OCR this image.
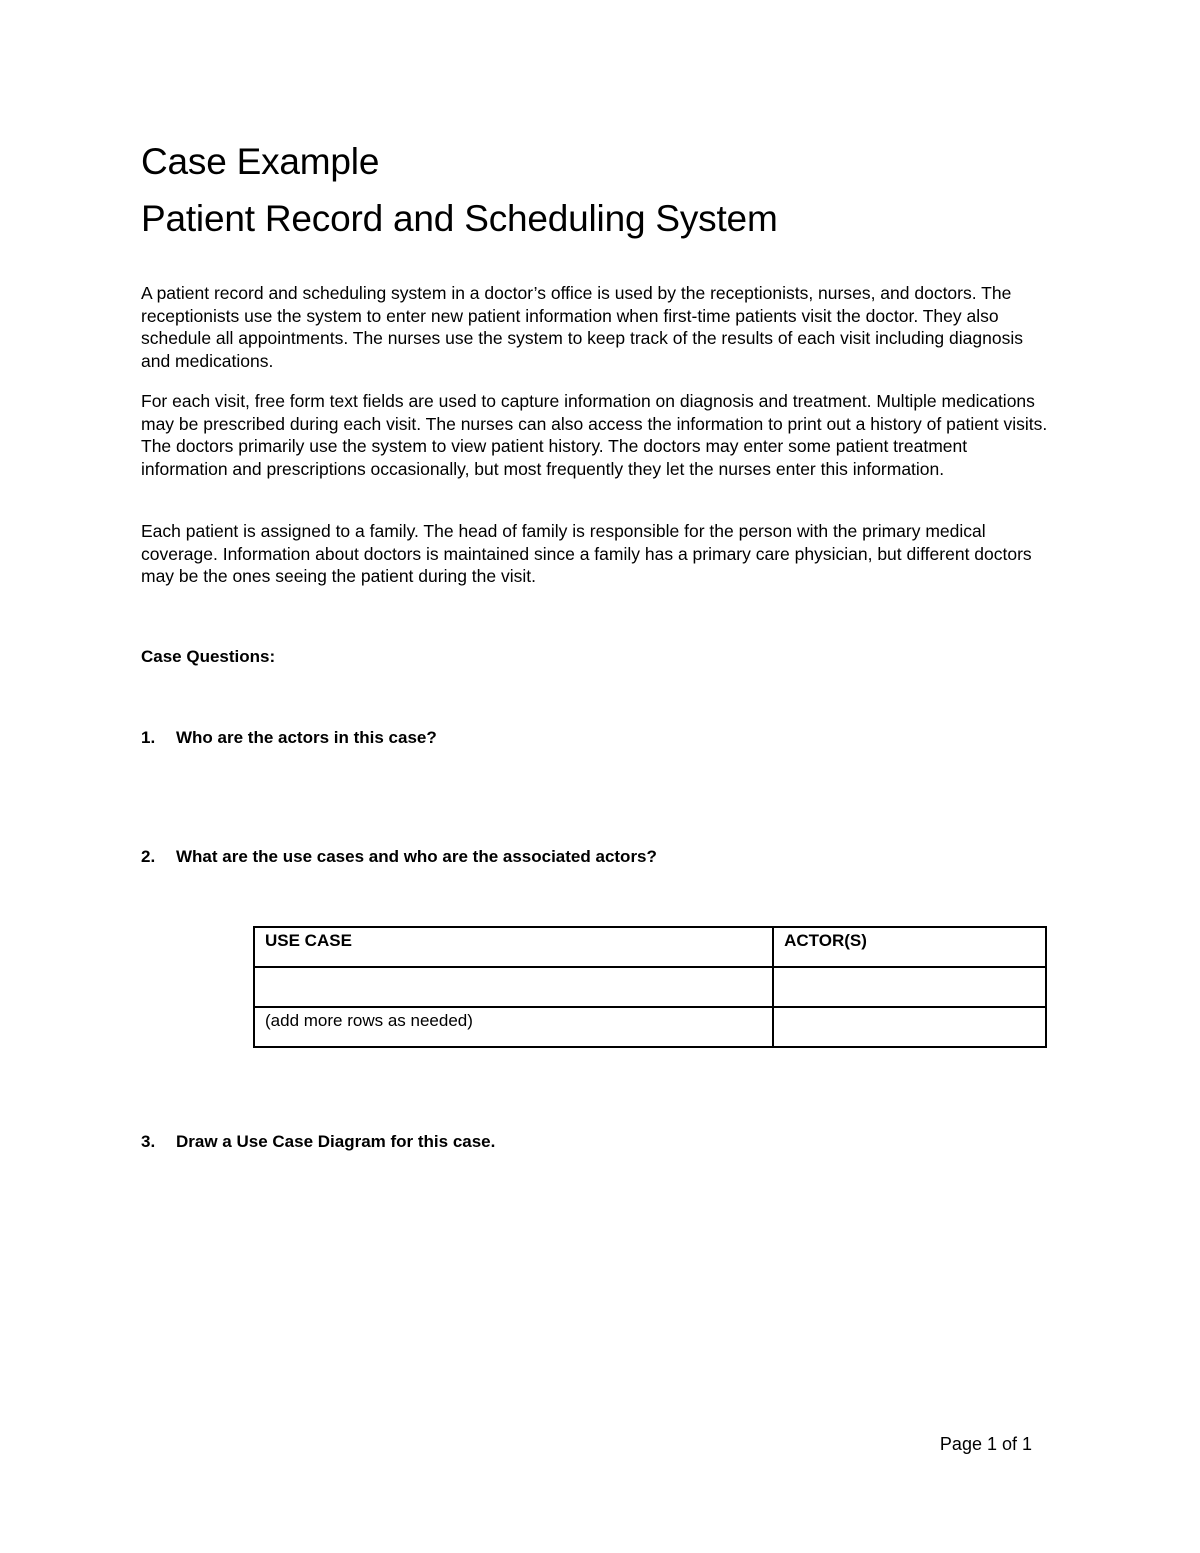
Case Example
Patient Record and Scheduling System

A patient record and scheduling system in a doctor’s office is used by the receptionists, nurses, and doctors. The receptionists use the system to enter new patient information when first-time patients visit the doctor. They also schedule all appointments. The nurses use the system to keep track of the results of each visit including diagnosis and medications.

For each visit, free form text fields are used to capture information on diagnosis and treatment. Multiple medications may be prescribed during each visit. The nurses can also access the information to print out a history of patient visits. The doctors primarily use the system to view patient history. The doctors may enter some patient treatment information and prescriptions occasionally, but most frequently they let the nurses enter this information.

Each patient is assigned to a family. The head of family is responsible for the person with the primary medical coverage. Information about doctors is maintained since a family has a primary care physician, but different doctors may be the ones seeing the patient during the visit.

Case Questions:

1. Who are the actors in this case?

2. What are the use cases and who are the associated actors?

USE CASE	ACTOR(S)

(add more rows as needed)	

3. Draw a Use Case Diagram for this case.

Page 1 of 1
